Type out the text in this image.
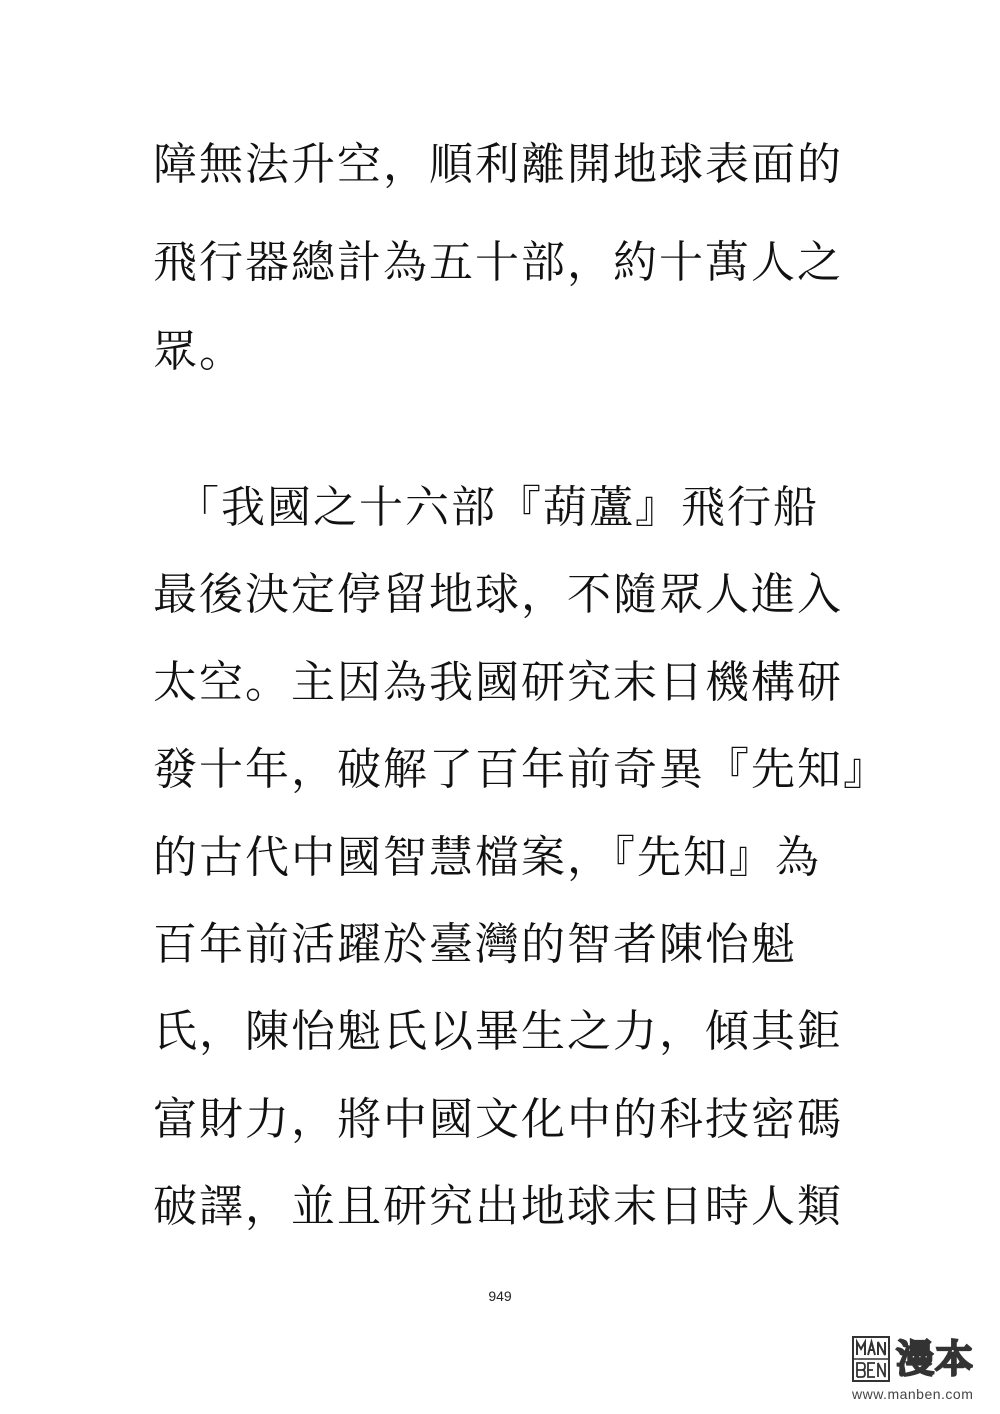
障無法升空，順利離開地球表面的
飛行器總計為五十部，約十萬人之
眾。
「我國之十六部『葫蘆』飛行船
最後決定停留地球，不隨眾人進入
太空。主因為我國研究末日機構研
發十年，破解了百年前奇異『先知』
的古代中國智慧檔案，『先知』為
百年前活躍於臺灣的智者陳怡魁
氏，陳怡魁氏以畢生之力，傾其鉅
富財力，將中國文化中的科技密碼
破譯，並且研究出地球末日時人類
949
漫本
www.manben.com
